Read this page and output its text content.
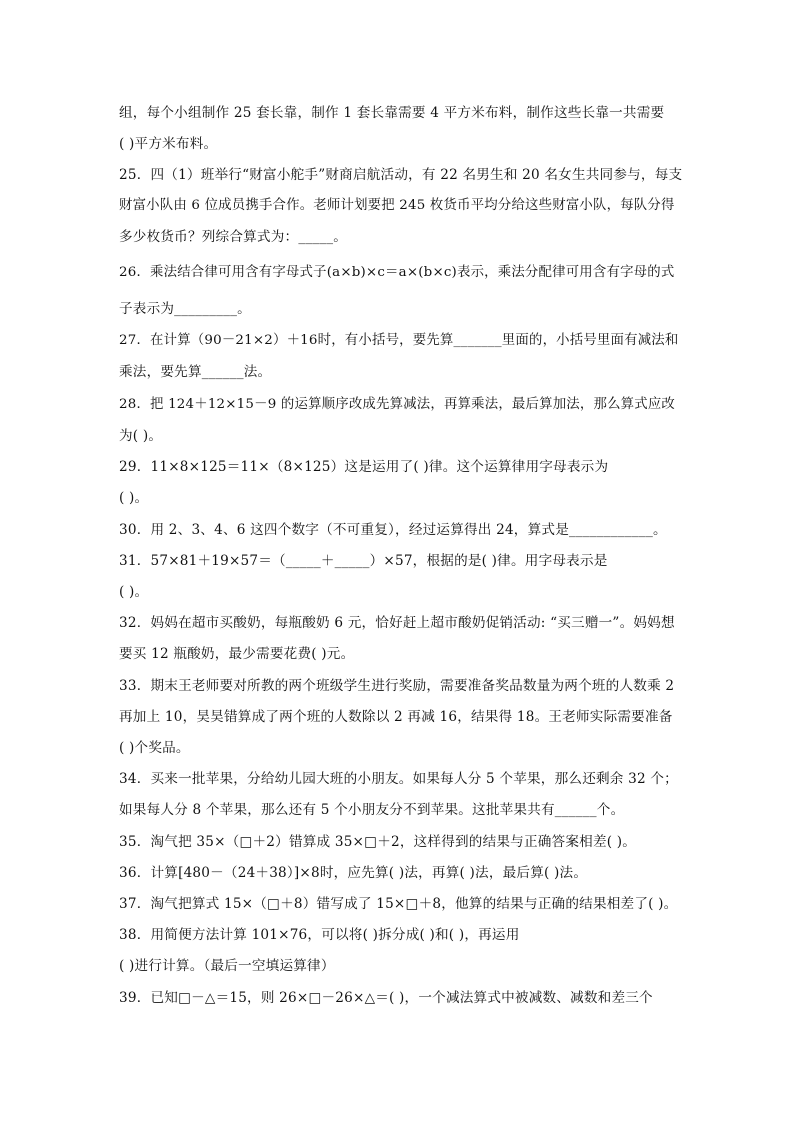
组，每个小组制作 25 套长靠，制作 1 套长靠需要 4 平方米布料，制作这些长靠一共需要
( )平方米布料。
25．四（1）班举行“财富小舵手”财商启航活动，有 22 名男生和 20 名女生共同参与，每支
财富小队由 6 位成员携手合作。老师计划要把 245 枚货币平均分给这些财富小队，每队分得
多少枚货币？列综合算式为：_____。
26．乘法结合律可用含有字母式子(a×b)×c＝a×(b×c)表示，乘法分配律可用含有字母的式
子表示为_________。
27．在计算（90－21×2）＋16时，有小括号，要先算_______里面的，小括号里面有减法和
乘法，要先算______法。
28．把 124＋12×15－9 的运算顺序改成先算减法，再算乘法，最后算加法，那么算式应改
为( )。
29．11×8×125＝11×（8×125）这是运用了( )律。这个运算律用字母表示为
( )。
30．用 2、3、4、6 这四个数字（不可重复），经过运算得出 24，算式是____________。
31．57×81＋19×57＝（_____＋_____）×57，根据的是( )律。用字母表示是
( )。
32．妈妈在超市买酸奶，每瓶酸奶 6 元，恰好赶上超市酸奶促销活动: “买三赠一”。妈妈想
要买 12 瓶酸奶，最少需要花费( )元。
33．期末王老师要对所教的两个班级学生进行奖励，需要准备奖品数量为两个班的人数乘 2
再加上 10，昊昊错算成了两个班的人数除以 2 再减 16，结果得 18。王老师实际需要准备
( )个奖品。
34．买来一批苹果，分给幼儿园大班的小朋友。如果每人分 5 个苹果，那么还剩余 32 个；
如果每人分 8 个苹果，那么还有 5 个小朋友分不到苹果。这批苹果共有______个。
35．淘气把 35×（□＋2）错算成 35×□＋2，这样得到的结果与正确答案相差( )。
36．计算[480－（24＋38）]×8时，应先算( )法，再算( )法，最后算( )法。
37．淘气把算式 15×（□＋8）错写成了 15×□＋8，他算的结果与正确的结果相差了( )。
38．用简便方法计算 101×76，可以将( )拆分成( )和( )，再运用
( )进行计算。（最后一空填运算律）
39．已知□－△＝15，则 26×□－26×△＝( )，一个减法算式中被减数、减数和差三个
